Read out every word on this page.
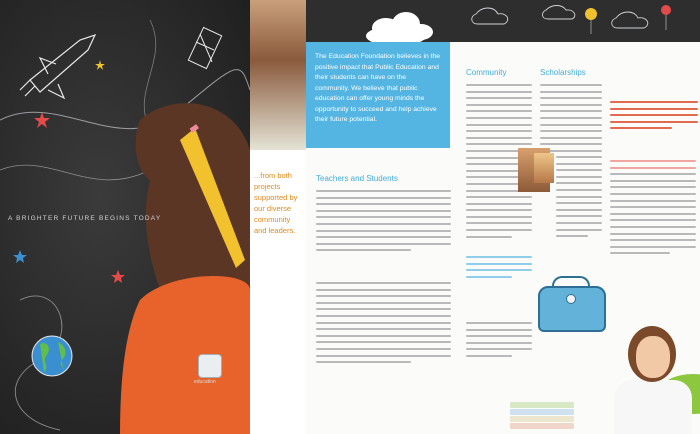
A BRIGHTER FUTURE BEGINS TODAY
education
...from both projects supported by our diverse community and leaders.
The Education Foundation believes in the positive impact that Public Education and their students can have on the community. We believe that public education can offer young minds the opportunity to succeed and help achieve their future potential.
Teachers and Students
Community	Scholarships
